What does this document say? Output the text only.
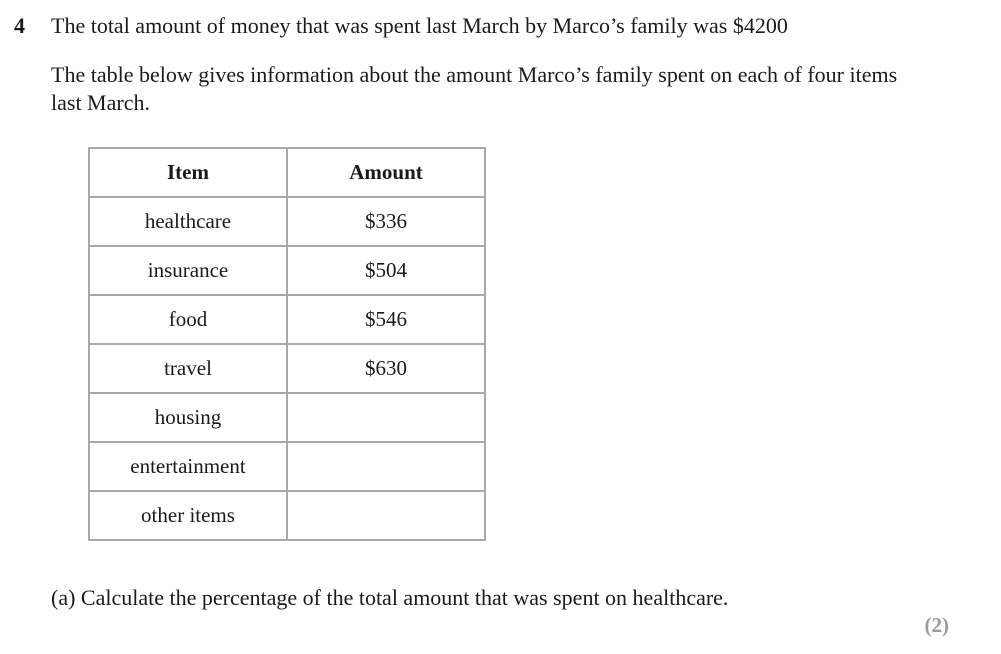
4 The total amount of money that was spent last March by Marco’s family was $4200
The table below gives information about the amount Marco’s family spent on each of four items last March.
Item	Amount
healthcare	$336
insurance	$504
food	$546
travel	$630
housing	
entertainment	
other items	
(a) Calculate the percentage of the total amount that was spent on healthcare.
(2)
